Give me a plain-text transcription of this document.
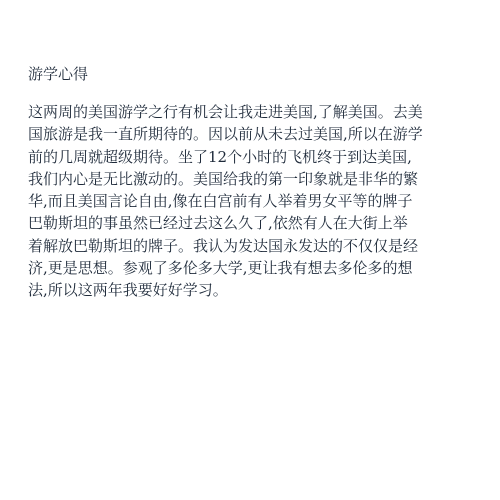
游学心得
这两周的美国游学之行有机会让我走进美国,了解美国。去美
国旅游是我一直所期待的。因以前从未去过美国,所以在游学
前的几周就超级期待。坐了12个小时的飞机终于到达美国,
我们内心是无比激动的。美国给我的第一印象就是非华的繁
华,而且美国言论自由,像在白宫前有人举着男女平等的牌子
巴勒斯坦的事虽然已经过去这么久了,依然有人在大街上举
着解放巴勒斯坦的牌子。我认为发达国永发达的不仅仅是经
济,更是思想。参观了多伦多大学,更让我有想去多伦多的想
法,所以这两年我要好好学习。
